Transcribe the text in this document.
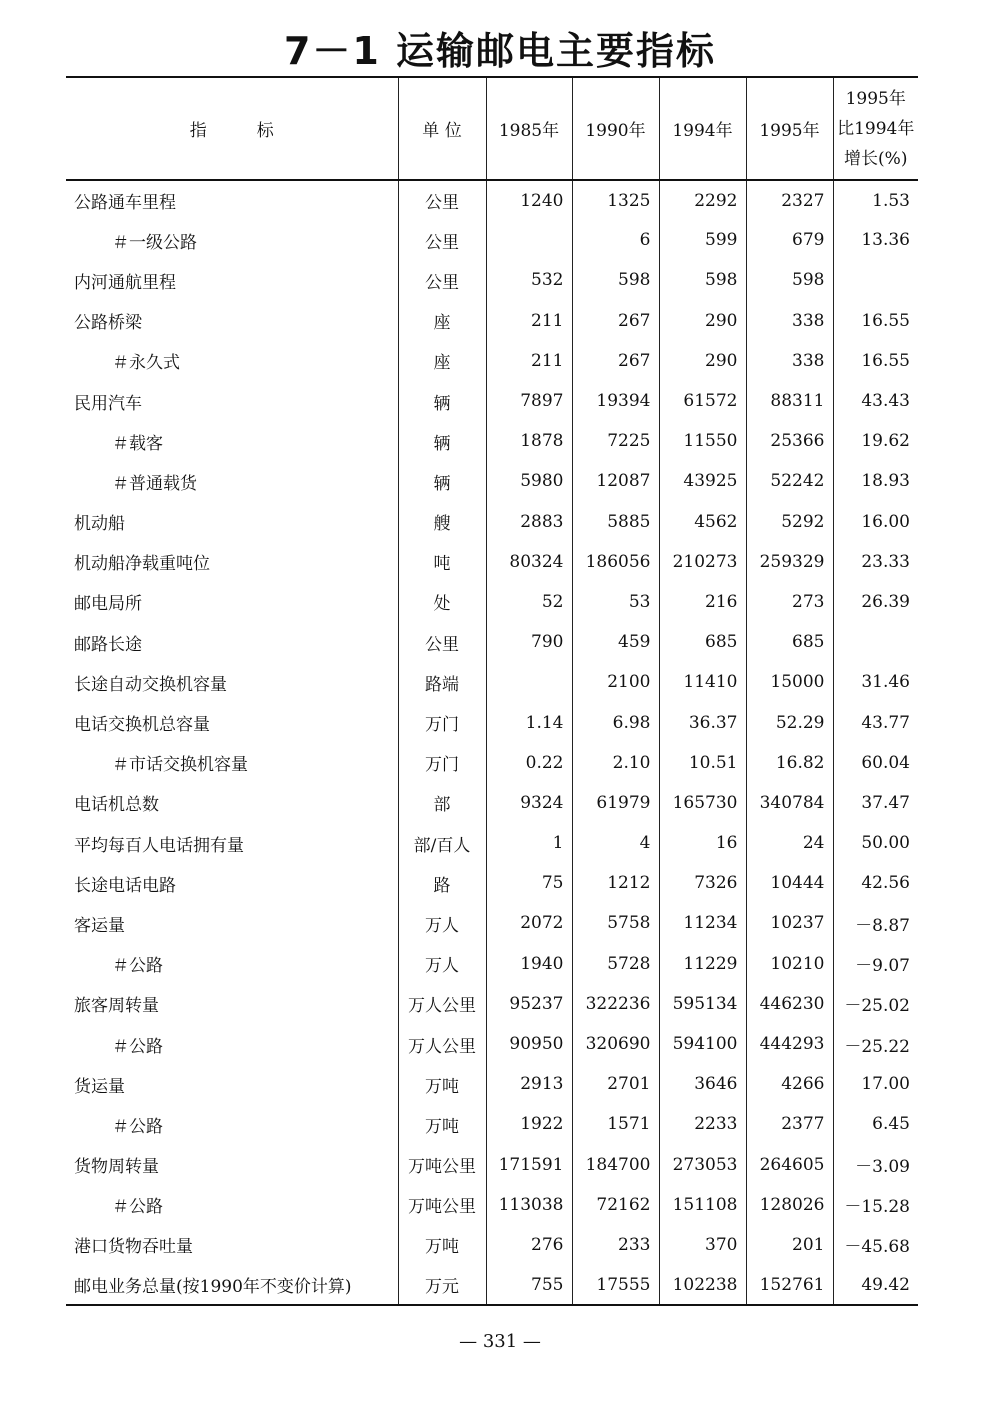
7－1 运输邮电主要指标
指 标	单 位	1985年	1990年	1994年	1995年	1995年
比1994年
增长(%)

公路通车里程	公里	1240	1325	2292	2327	1.53
＃一级公路	公里		6	599	679	13.36
内河通航里程	公里	532	598	598	598	
公路桥梁	座	211	267	290	338	16.55
＃永久式	座	211	267	290	338	16.55
民用汽车	辆	7897	19394	61572	88311	43.43
＃载客	辆	1878	7225	11550	25366	19.62
＃普通载货	辆	5980	12087	43925	52242	18.93
机动船	艘	2883	5885	4562	5292	16.00
机动船净载重吨位	吨	80324	186056	210273	259329	23.33
邮电局所	处	52	53	216	273	26.39
邮路长途	公里	790	459	685	685	
长途自动交换机容量	路端		2100	11410	15000	31.46
电话交换机总容量	万门	1.14	6.98	36.37	52.29	43.77
＃市话交换机容量	万门	0.22	2.10	10.51	16.82	60.04
电话机总数	部	9324	61979	165730	340784	37.47
平均每百人电话拥有量	部/百人	1	4	16	24	50.00
长途电话电路	路	75	1212	7326	10444	42.56
客运量	万人	2072	5758	11234	10237	－8.87
＃公路	万人	1940	5728	11229	10210	－9.07
旅客周转量	万人公里	95237	322236	595134	446230	－25.02
＃公路	万人公里	90950	320690	594100	444293	－25.22
货运量	万吨	2913	2701	3646	4266	17.00
＃公路	万吨	1922	1571	2233	2377	6.45
货物周转量	万吨公里	171591	184700	273053	264605	－3.09
＃公路	万吨公里	113038	72162	151108	128026	－15.28
港口货物吞吐量	万吨	276	233	370	201	－45.68
邮电业务总量(按1990年不变价计算)	万元	755	17555	102238	152761	49.42
— 331 —
